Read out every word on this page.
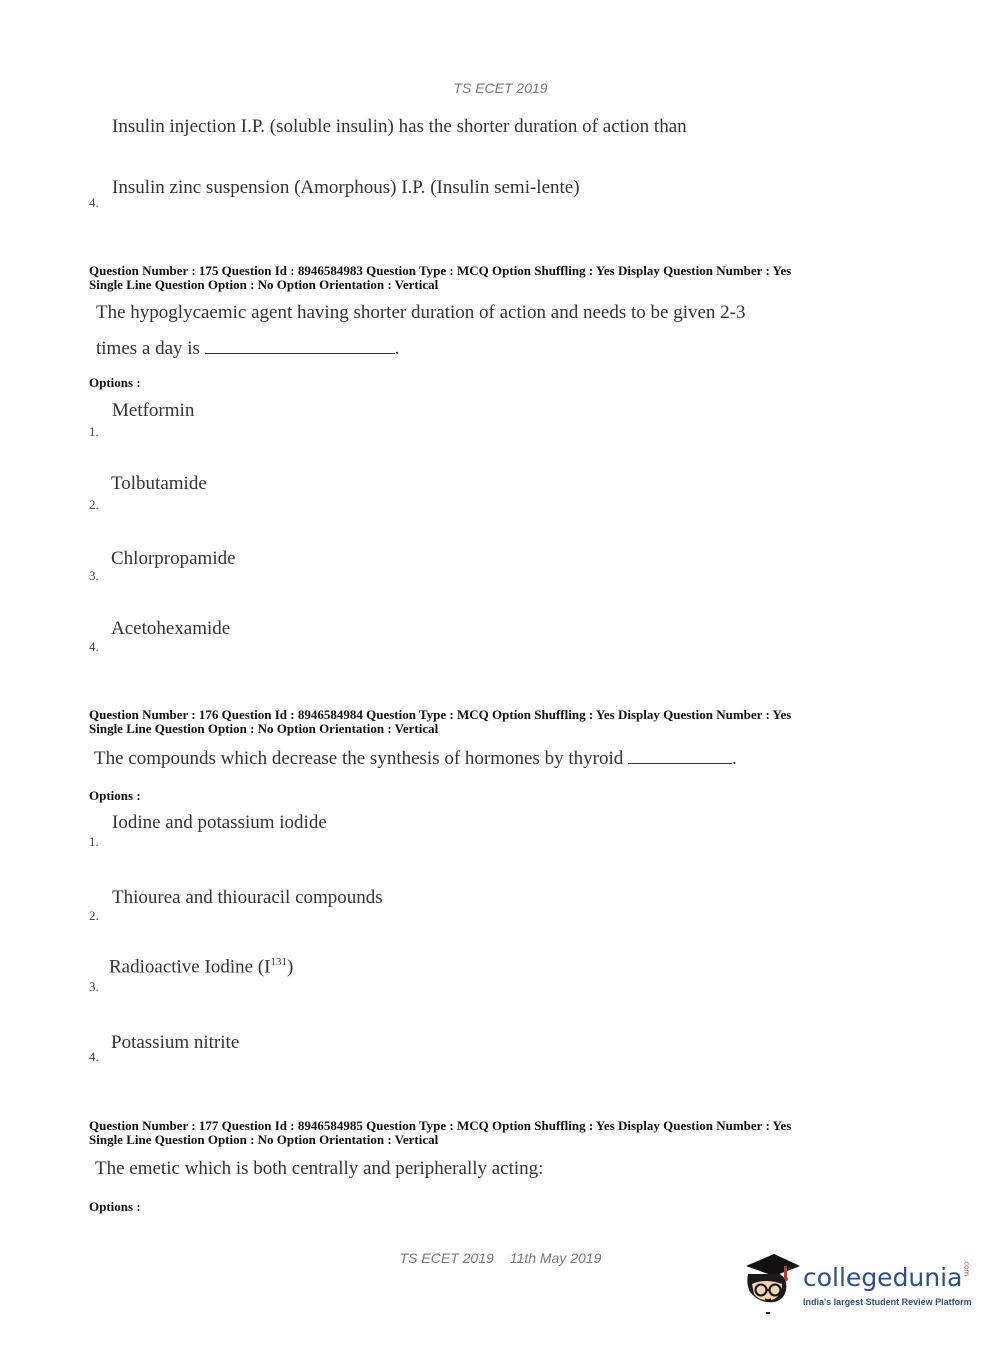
TS ECET 2019
Insulin injection I.P. (soluble insulin) has the shorter duration of action than
4.
Insulin zinc suspension (Amorphous) I.P. (Insulin semi-lente)
Question Number : 175 Question Id : 8946584983 Question Type : MCQ Option Shuffling : Yes Display Question Number : Yes
Single Line Question Option : No Option Orientation : Vertical
The hypoglycaemic agent having shorter duration of action and needs to be given 2-3
times a day is	.
Options :
Metformin
1.
Tolbutamide
2.
Chlorpropamide
3.
Acetohexamide
4.
Question Number : 176 Question Id : 8946584984 Question Type : MCQ Option Shuffling : Yes Display Question Number : Yes
Single Line Question Option : No Option Orientation : Vertical
The compounds which decrease the synthesis of hormones by thyroid	.
Options :
Iodine and potassium iodide
1.
Thiourea and thiouracil compounds
2.
Radioactive Iodine $(I^{131})$
3.
Potassium nitrite
4.
Question Number : 177 Question Id : 8946584985 Question Type : MCQ Option Shuffling : Yes Display Question Number : Yes
Single Line Question Option : No Option Orientation : Vertical
The emetic which is both centrally and peripherally acting:
Options :
TS ECET 2019 11th May 2019
collegedunia.com
India's largest Student Review Platform
